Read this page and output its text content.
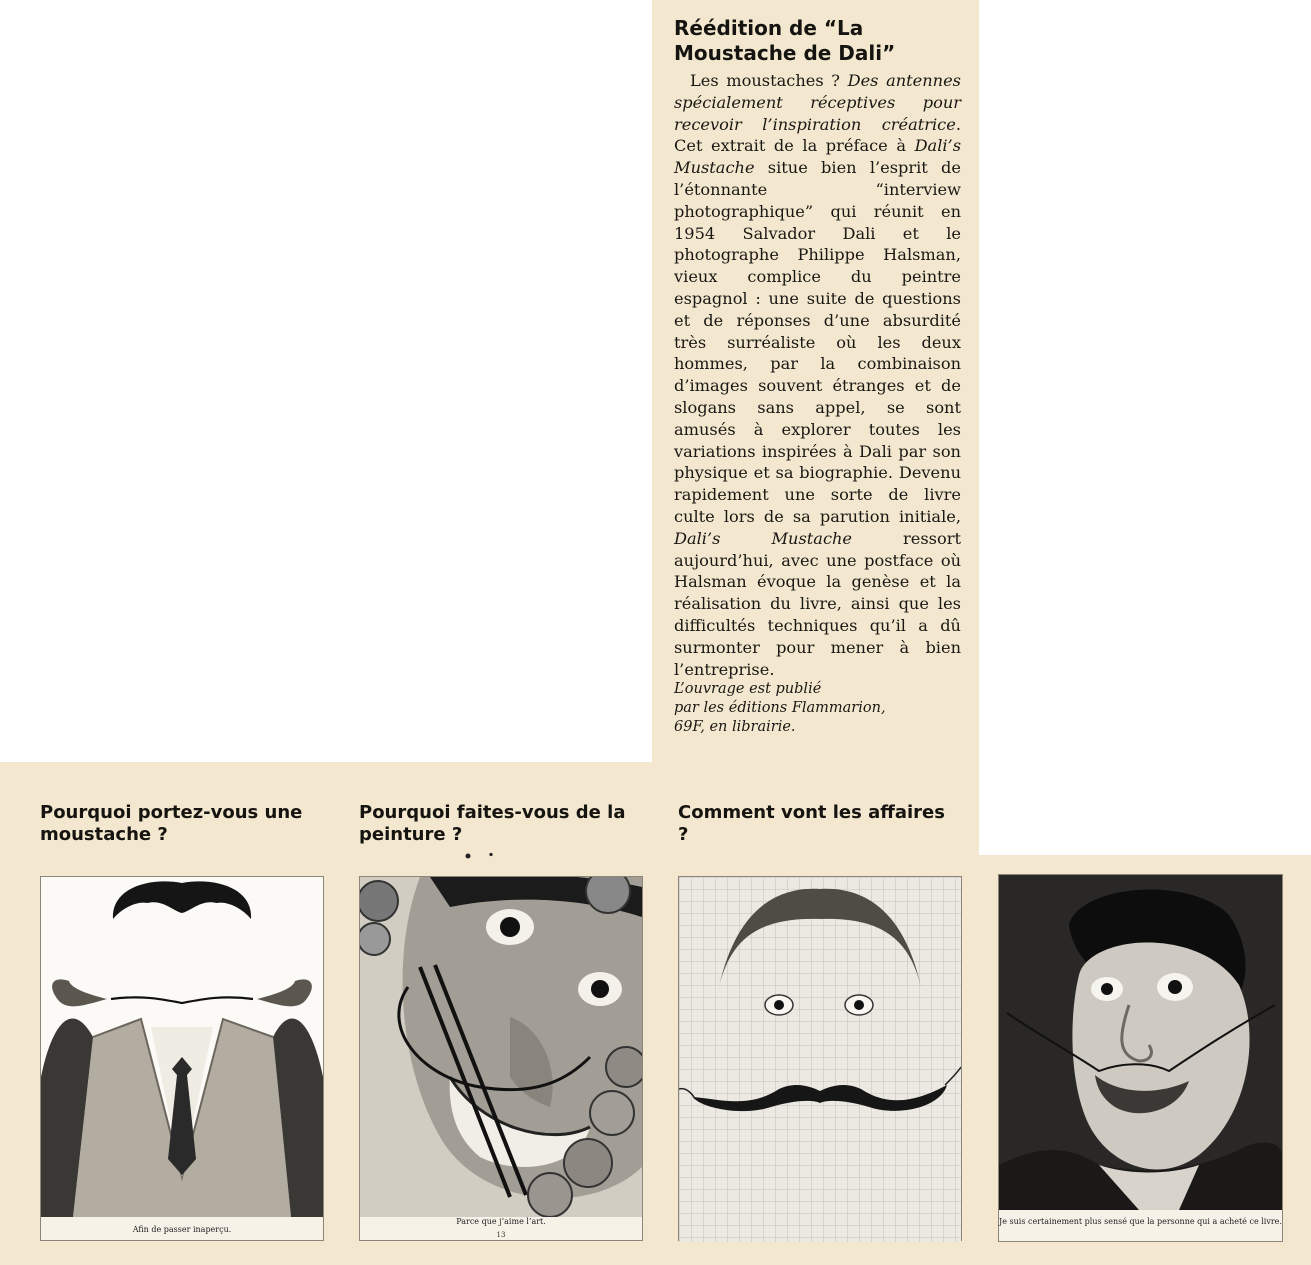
Réédition de “La Moustache de Dali”

Les moustaches ? Des antennes spécialement réceptives pour recevoir l’inspiration créatrice. Cet extrait de la préface à Dali’s Mustache situe bien l’esprit de l’étonnante “interview photographique” qui réunit en 1954 Salvador Dali et le photographe Philippe Halsman, vieux complice du peintre espagnol : une suite de questions et de réponses d’une absurdité très surréaliste où les deux hommes, par la combinaison d’images souvent étranges et de slogans sans appel, se sont amusés à explorer toutes les variations inspirées à Dali par son physique et sa biographie. Devenu rapidement une sorte de livre culte lors de sa parution initiale, Dali’s Mustache ressort aujourd’hui, avec une postface où Halsman évoque la genèse et la réalisation du livre, ainsi que les difficultés techniques qu’il a dû surmonter pour mener à bien l’entreprise.

L’ouvrage est publié
par les éditions Flammarion,
69F, en librairie.

Pourquoi portez-vous une moustache ?
Pourquoi faites-vous de la peinture ?
Comment vont les affaires ?

Afin de passer inaperçu.

Parce que j’aime l’art.

13

Je suis certainement plus sensé que la personne qui a acheté ce livre.
